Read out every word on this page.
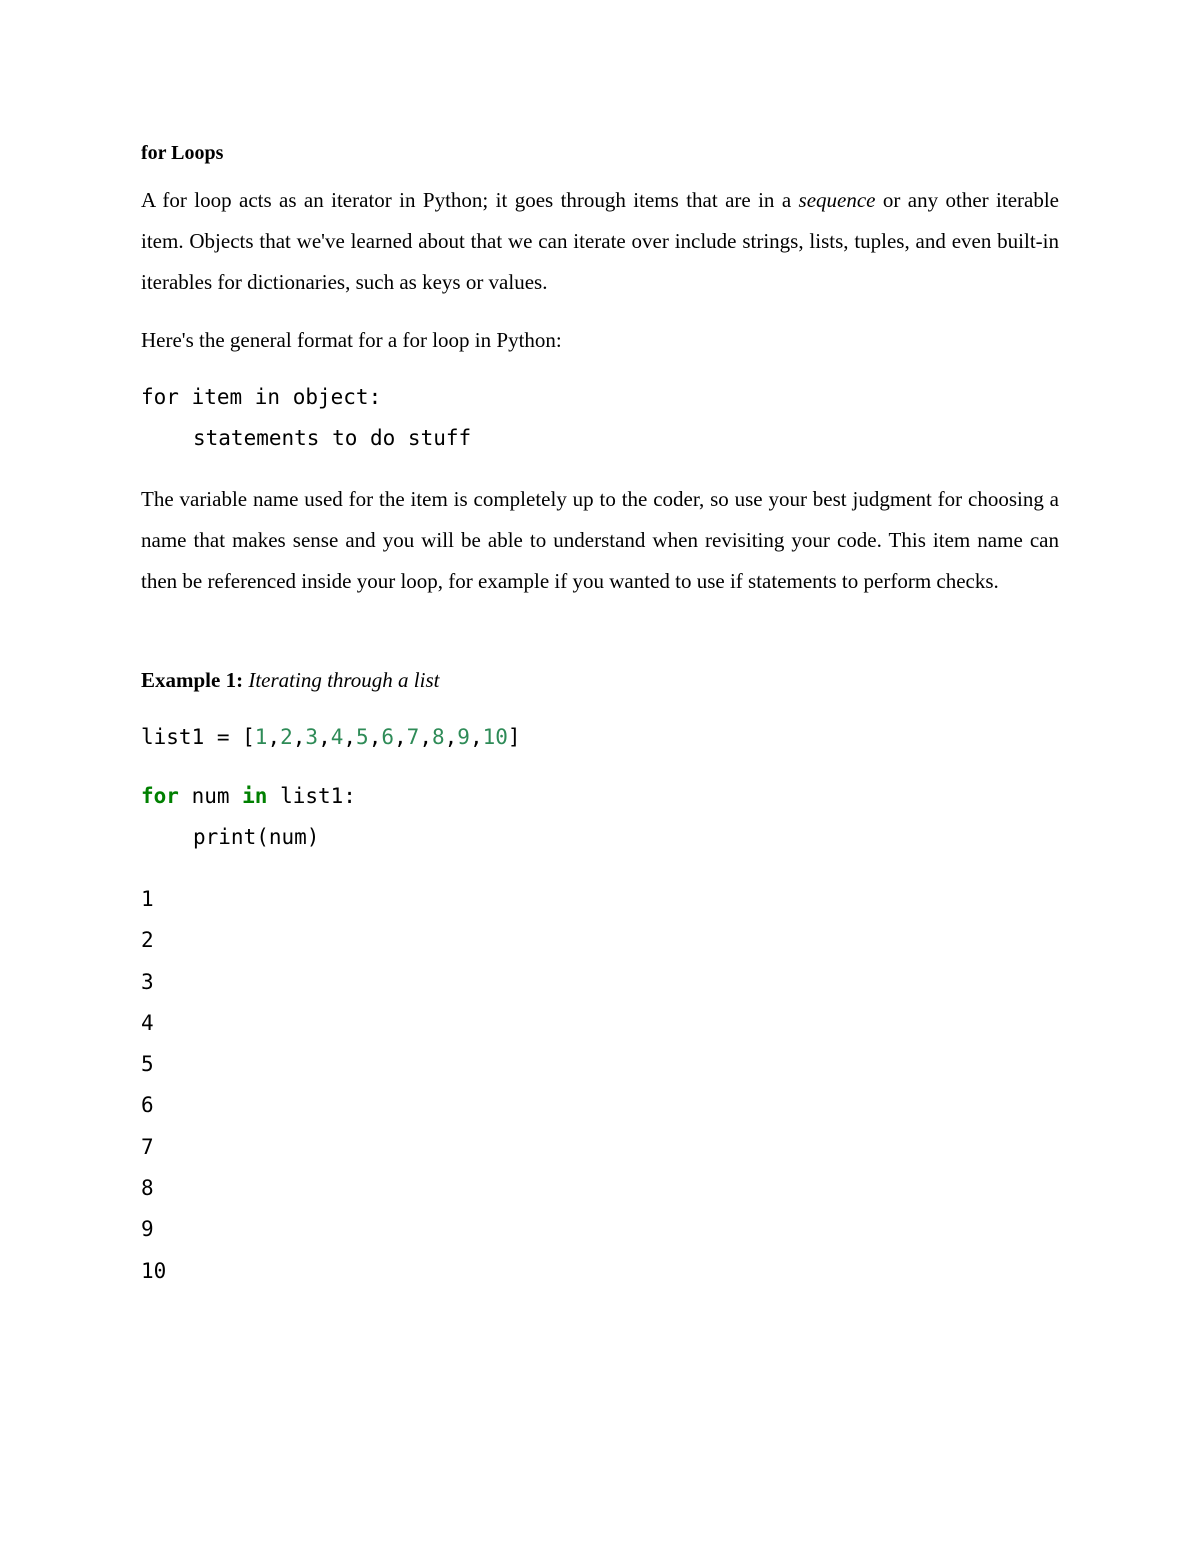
for Loops

A for loop acts as an iterator in Python; it goes through items that are in a sequence or any other iterable item. Objects that we've learned about that we can iterate over include strings, lists, tuples, and even built-in iterables for dictionaries, such as keys or values.

Here's the general format for a for loop in Python:

for item in object:
statements to do stuff

The variable name used for the item is completely up to the coder, so use your best judgment for choosing a name that makes sense and you will be able to understand when revisiting your code. This item name can then be referenced inside your loop, for example if you wanted to use if statements to perform checks.

Example 1: Iterating through a list

list1 = [1,2,3,4,5,6,7,8,9,10]
for num in list1:
print(num)
1
2
3
4
5
6
7
8
9
10
